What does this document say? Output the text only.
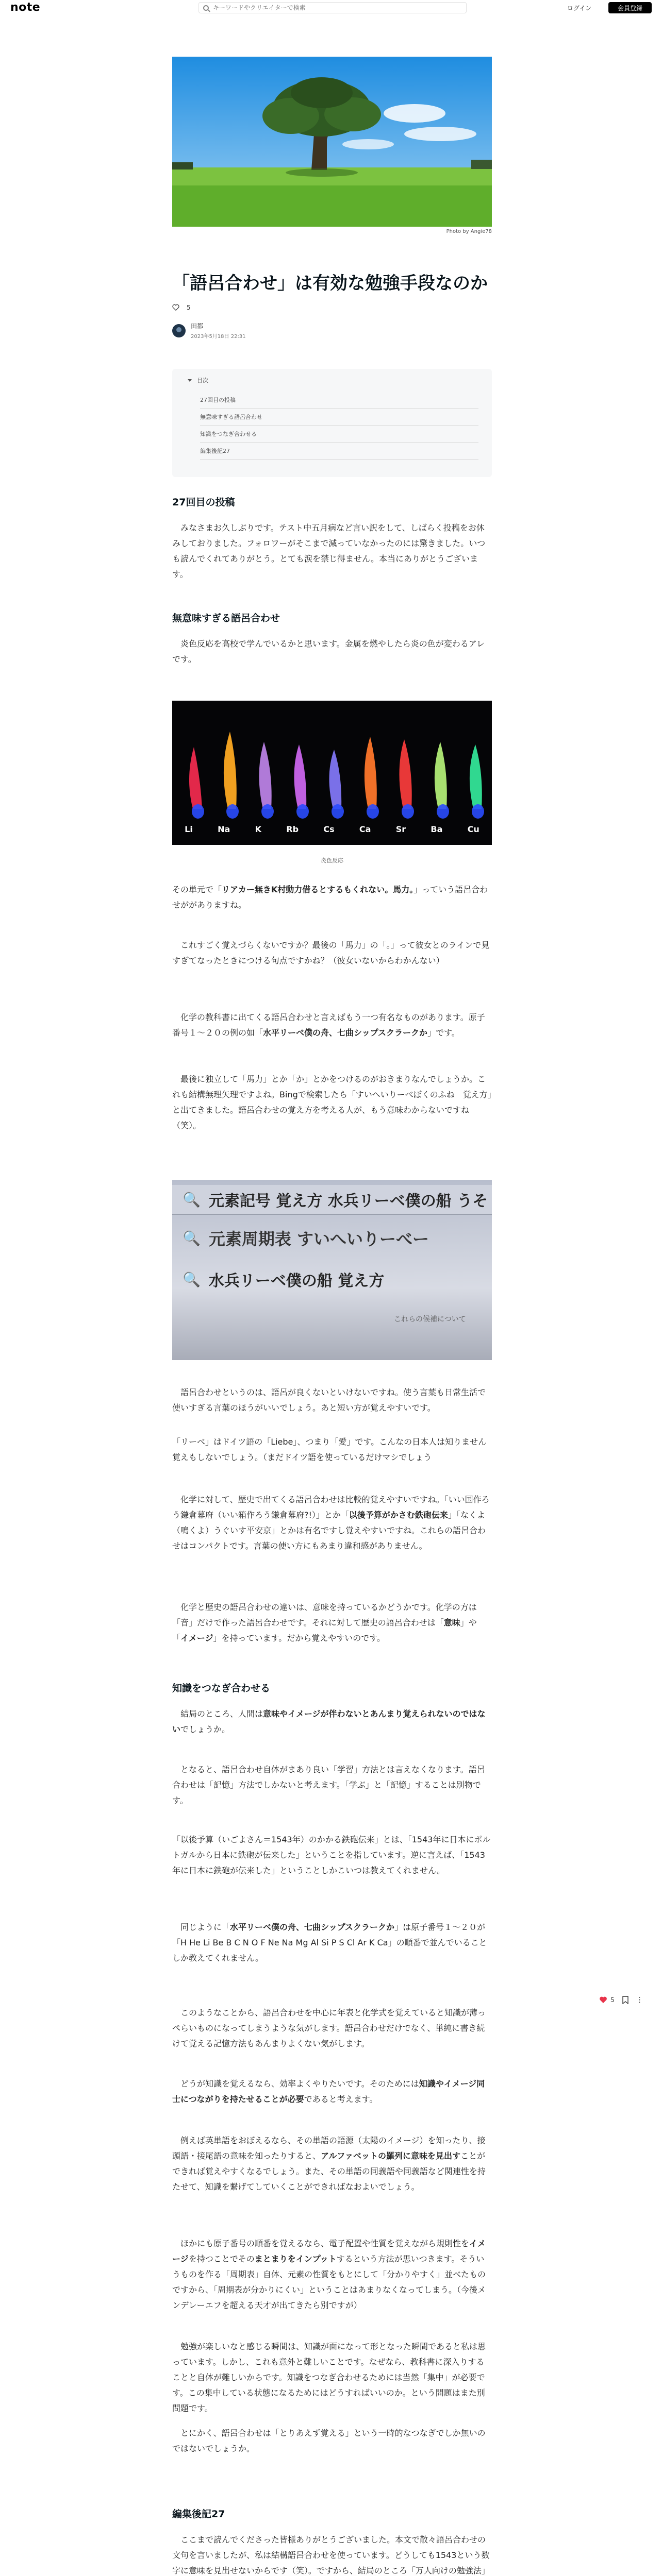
note
キーワードやクリエイターで検索	ログイン	会員登録
Photo by Angie78
「語呂合わせ」は有効な勉強手段なのか
5
田都
2023年5月18日 22:31
目次
27回目の投稿
無意味すぎる語呂合わせ
知識をつなぎ合わせる
編集後記27
27回目の投稿
　みなさまお久しぶりです。テスト中五月病など言い訳をして、しばらく投稿をお休みしておりました。フォロワーがそこまで減っていなかったのには驚きました。いつも読んでくれてありがとう。とても涙を禁じ得ません。本当にありがとうございます。
無意味すぎる語呂合わせ
　炎色反応を高校で学んでいるかと思います。金属を燃やしたら炎の色が変わるアレです。
Li	Na	K	Rb	Cs	Ca	Sr	Ba	Cu
炎色反応
その単元で「リアカー無きK村動力借るとするもくれない。馬力。」っていう語呂合わせががありますね。
　これすごく覚えづらくないですか？最後の「馬力」の「。」って彼女とのラインで見すぎてなったときにつける句点ですかね？（彼女いないからわかんない）
　化学の教科書に出てくる語呂合わせと言えばもう一つ有名なものがあります。原子番号１〜２０の例の如「水平リーベ僕の舟、七曲シップスクラークか」です。
　最後に独立して「馬力」とか「か」とかをつけるのがおきまりなんでしょうか。これも結構無理矢理ですよね。Bingで検索したら「すいへいりーべぼくのふね　覚え方」と出てきました。語呂合わせの覚え方を考える人が、もう意味わからないですね（笑）。
🔍 元素記号 覚え方 水兵リーベ僕の船 うそ
🔍 元素周期表 すいへいりーべー
🔍 水兵リーベ僕の船 覚え方
これらの候補について
　語呂合わせというのは、語呂が良くないといけないですね。使う言葉も日常生活で使いすぎる言葉のほうがいいでしょう。あと短い方が覚えやすいです。
「リーベ」はドイツ語の「Liebe」、つまり「愛」です。こんなの日本人は知りません覚えもしないでしょう。（まだドイツ語を使っているだけマシでしょう
　化学に対して、歴史で出てくる語呂合わせは比較的覚えやすいですね。「いい国作ろう鎌倉幕府（いい箱作ろう鎌倉幕府?!）」とか「以後予算がかさむ鉄砲伝来」「なくよ（鳴くよ）うぐいす平安京」とかは有名ですし覚えやすいですね。これらの語呂合わせはコンパクトです。言葉の使い方にもあまり違和感がありません。
　化学と歴史の語呂合わせの違いは、意味を持っているかどうかです。化学の方は「音」だけで作った語呂合わせです。それに対して歴史の語呂合わせは「意味」や「イメージ」を持っています。だから覚えやすいのです。
知識をつなぎ合わせる
　結局のところ、人間は意味やイメージが伴わないとあんまり覚えられないのではないでしょうか。
　となると、語呂合わせ自体がまあり良い「学習」方法とは言えなくなります。語呂合わせは「記憶」方法でしかないと考えます。「学ぶ」と「記憶」することは別物です。
「以後予算（いごよさん＝1543年）のかかる鉄砲伝来」とは、「1543年に日本にポルトガルから日本に鉄砲が伝来した」ということを指しています。逆に言えば、「1543年に日本に鉄砲が伝来した」ということしかこいつは教えてくれません。
　同じように「水平リーベ僕の舟、七曲シップスクラークか」は原子番号１〜２０が「H He Li Be B C N O F Ne Na Mg Al Si P S Cl Ar K Ca」の順番で並んでいることしか教えてくれません。
　このようなことから、語呂合わせを中心に年表と化学式を覚えていると知識が薄っぺらいものになってしまうような気がします。語呂合わせだけでなく、単純に書き続けて覚える記憶方法もあんまりよくない気がします。
　どうが知識を覚えるなら、効率よくやりたいです。そのためには知識やイメージ同士につながりを持たせることが必要であると考えます。
　例えば英単語をおぼえるなら、その単語の語源（太陽のイメージ）を知ったり、接頭語・接尾語の意味を知ったりすると、アルファベットの羅列に意味を見出すことができれば覚えやすくなるでしょう。また、その単語の同義語や同義語など関連性を持たせて、知識を繋げてしていくことができればなおよいでしょう。
　ほかにも原子番号の順番を覚えるなら、電子配置や性質を覚えながら規則性をイメージを持つことでそのまとまりをインプットするという方法が思いつきます。そういうものを作る「周期表」自体、元素の性質をもとにして「分かりやすく」並べたものですから、「周期表が分かりにくい」ということはあまりなくなってしまう。（今後メンデレーエフを超える天才が出てきたら別ですが）
　勉強が楽しいなと感じる瞬間は、知識が面になって形となった瞬間であると私は思っています。しかし、これも意外と難しいことです。なぜなら、教科書に深入りすることと自体が難しいからです。知識をつなぎ合わせるためには当然「集中」が必要です。この集中している状態になるためにはどうすればいいのか。という問題はまた別問題です。
　とにかく、語呂合わせは「とりあえず覚える」という一時的なつなぎでしか無いのではないでしょうか。
編集後記27
　ここまで読んでくださった皆様ありがとうございました。本文で散々語呂合わせの文句を言いましたが、私は結構語呂合わせを使っています。どうしても1543という数字に意味を見出せないからです（笑）。ですから、結局のところ「万人向けの勉強法」
5	⋮
